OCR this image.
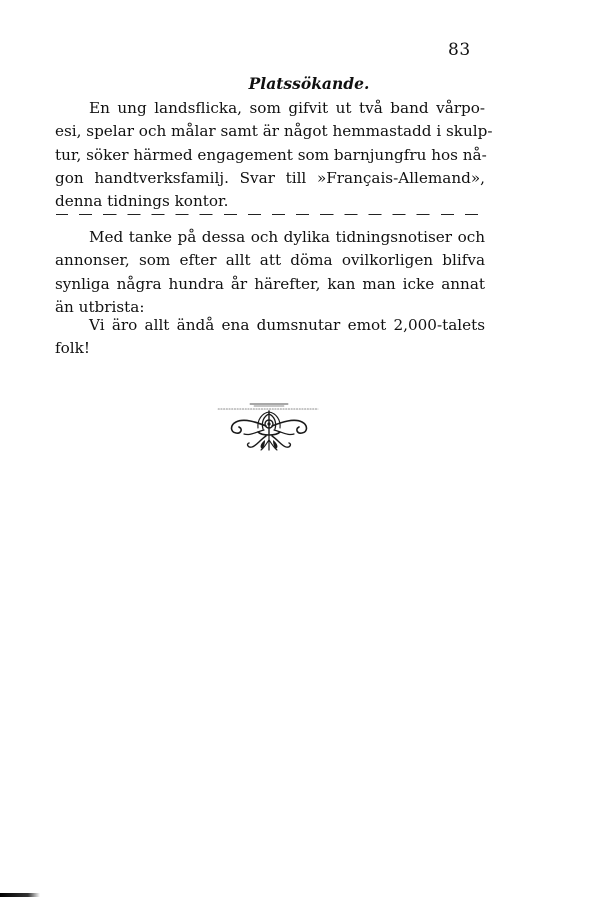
83
Platssökande.
En ung landsflicka, som gifvit ut två band vårpo-
esi, spelar och målar samt är något hemmastadd i skulp-
tur, söker härmed engagement som barnjungfru hos nå-
gon handtverksfamilj. Svar till »Français-Allemand»,
denna tidnings kontor.
Med tanke på dessa och dylika tidningsnotiser och
annonser, som efter allt att döma ovilkorligen blifva
synliga några hundra år härefter, kan man icke annat
än utbrista:
Vi äro allt ändå ena dumsnutar emot 2,000-talets
folk!
